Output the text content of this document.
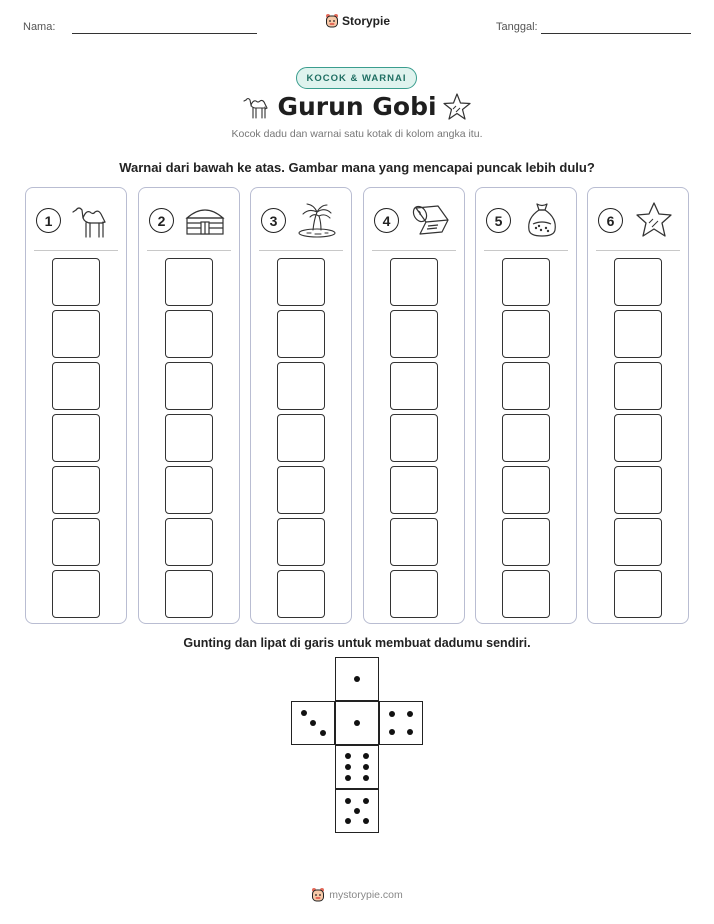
Nama:	Storypie	Tanggal:
KOCOK & WARNAI
Gurun Gobi
Kocok dadu dan warnai satu kotak di kolom angka itu.
Warnai dari bawah ke atas. Gambar mana yang mencapai puncak lebih dulu?
1	2	3	4	5	6
Gunting dan lipat di garis untuk membuat dadumu sendiri.
mystorypie.com
